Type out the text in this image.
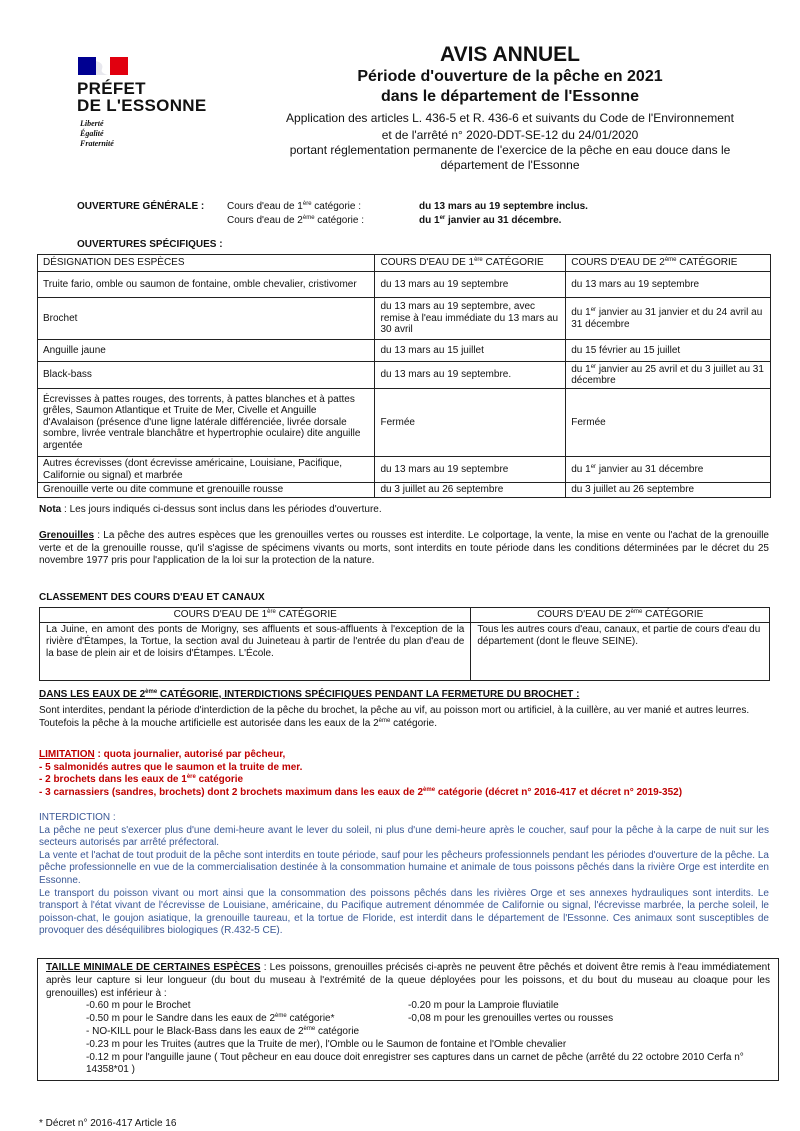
PRÉFET
DE L'ESSONNE
Liberté
Égalité
Fraternité
AVIS ANNUEL
Période d'ouverture de la pêche en 2021
dans le département de l'Essonne
Application des articles L. 436-5 et R. 436-6 et suivants du Code de l'Environnement
et de l'arrêté n° 2020-DDT-SE-12 du 24/01/2020
portant réglementation permanente de l'exercice de la pêche en eau douce dans le
département de l'Essonne
OUVERTURE GÉNÉRALE :	Cours d'eau de 1ère catégorie :	du 13 mars au 19 septembre inclus.
Cours d'eau de 2ème catégorie :	du 1er janvier au 31 décembre.
OUVERTURES SPÉCIFIQUES :
DÉSIGNATION DES ESPÈCES	COURS D'EAU DE 1ère CATÉGORIE	COURS D'EAU DE 2ème CATÉGORIE
Truite fario, omble ou saumon de fontaine, omble chevalier, cristivomer	du 13 mars au 19 septembre	du 13 mars au 19 septembre
Brochet	du 13 mars au 19 septembre, avec remise à l'eau immédiate du 13 mars au 30 avril	du 1er janvier au 31 janvier et du 24 avril au 31 décembre
Anguille jaune	du 13 mars au 15 juillet	du 15 février au 15 juillet
Black-bass	du 13 mars au 19 septembre.	du 1er janvier au 25 avril et du 3 juillet au 31 décembre
Écrevisses à pattes rouges, des torrents, à pattes blanches et à pattes grêles, Saumon Atlantique et Truite de Mer, Civelle et Anguille d'Avalaison (présence d'une ligne latérale différenciée, livrée dorsale sombre, livrée ventrale blanchâtre et hypertrophie oculaire) dite anguille argentée	Fermée	Fermée
Autres écrevisses (dont écrevisse américaine, Louisiane, Pacifique, Californie ou signal) et marbrée	du 13 mars au 19 septembre	du 1er janvier au 31 décembre
Grenouille verte ou dite commune et grenouille rousse	du 3 juillet au 26 septembre	du 3 juillet au 26 septembre
Nota : Les jours indiqués ci-dessus sont inclus dans les périodes d'ouverture.
Grenouilles : La pêche des autres espèces que les grenouilles vertes ou rousses est interdite. Le colportage, la vente, la mise en vente ou l'achat de la grenouille verte et de la grenouille rousse, qu'il s'agisse de spécimens vivants ou morts, sont interdits en toute période dans les conditions déterminées par le décret du 25 novembre 1977 pris pour l'application de la loi sur la protection de la nature.
CLASSEMENT DES COURS D'EAU ET CANAUX
COURS D'EAU DE 1ère CATÉGORIE	COURS D'EAU DE 2ème CATÉGORIE
La Juine, en amont des ponts de Morigny, ses affluents et sous-affluents à l'exception de la rivière d'Étampes, la Tortue, la section aval du Juineteau à partir de l'entrée du plan d'eau de la base de plein air et de loisirs d'Étampes. L'École.	Tous les autres cours d'eau, canaux, et partie de cours d'eau du département (dont le fleuve SEINE).
DANS LES EAUX DE 2ème CATÉGORIE, INTERDICTIONS SPÉCIFIQUES PENDANT LA FERMETURE DU BROCHET :
Sont interdites, pendant la période d'interdiction de la pêche du brochet, la pêche au vif, au poisson mort ou artificiel, à la cuillère, au ver manié et autres leurres. Toutefois la pêche à la mouche artificielle est autorisée dans les eaux de la 2ème catégorie.
LIMITATION : quota journalier, autorisé par pêcheur,
- 5 salmonidés autres que le saumon et la truite de mer.
- 2 brochets dans les eaux de 1ère catégorie
- 3 carnassiers (sandres, brochets) dont 2 brochets maximum dans les eaux de 2ème catégorie (décret n° 2016-417 et décret n° 2019-352)
INTERDICTION :
La pêche ne peut s'exercer plus d'une demi-heure avant le lever du soleil, ni plus d'une demi-heure après le coucher, sauf pour la pêche à la carpe de nuit sur les secteurs autorisés par arrêté préfectoral.
La vente et l'achat de tout produit de la pêche sont interdits en toute période, sauf pour les pêcheurs professionnels pendant les périodes d'ouverture de la pêche. La pêche professionnelle en vue de la commercialisation destinée à la consommation humaine et animale de tous poissons pêchés dans la rivière Orge est interdite en Essonne.
Le transport du poisson vivant ou mort ainsi que la consommation des poissons pêchés dans les rivières Orge et ses annexes hydrauliques sont interdits. Le transport à l'état vivant de l'écrevisse de Louisiane, américaine, du Pacifique autrement dénommée de Californie ou signal, l'écrevisse marbrée, la perche soleil, le poisson-chat, le goujon asiatique, la grenouille taureau, et la tortue de Floride, est interdit dans le département de l'Essonne. Ces animaux sont susceptibles de provoquer des déséquilibres biologiques (R.432-5 CE).
TAILLE MINIMALE DE CERTAINES ESPÈCES : Les poissons, grenouilles précisés ci-après ne peuvent être pêchés et doivent être remis à l'eau immédiatement après leur capture si leur longueur (du bout du museau à l'extrémité de la queue déployées pour les poissons, et du bout du museau au cloaque pour les grenouilles) est inférieur à :
-0.60 m pour le Brochet	-0.20 m pour la Lamproie fluviatile
-0.50 m pour le Sandre dans les eaux de 2ème catégorie*	-0,08 m pour les grenouilles vertes ou rousses
- NO-KILL pour le Black-Bass dans les eaux de 2ème catégorie
-0.23 m pour les Truites (autres que la Truite de mer), l'Omble ou le Saumon de fontaine et l'Omble chevalier
-0.12 m pour l'anguille jaune ( Tout pêcheur en eau douce doit enregistrer ses captures dans un carnet de pêche (arrêté du 22 octobre 2010 Cerfa n° 14358*01 )
* Décret n° 2016-417 Article 16
